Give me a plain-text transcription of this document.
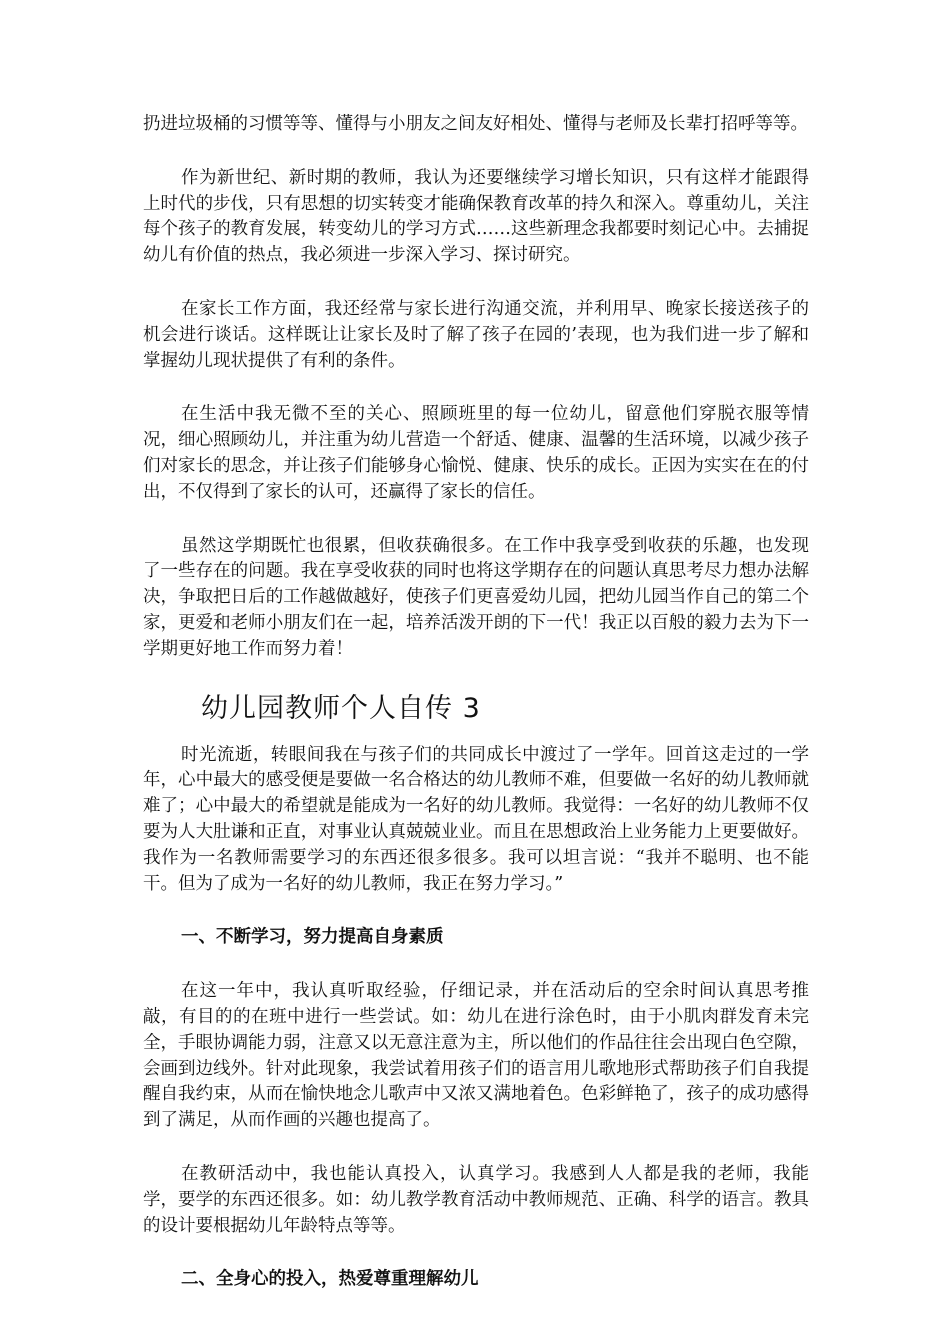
扔进垃圾桶的习惯等等、懂得与小朋友之间友好相处、懂得与老师及长辈打招呼等等。

作为新世纪、新时期的教师，我认为还要继续学习增长知识，只有这样才能跟得上时代的步伐，只有思想的切实转变才能确保教育改革的持久和深入。尊重幼儿，关注每个孩子的教育发展，转变幼儿的学习方式……这些新理念我都要时刻记心中。去捕捉幼儿有价值的热点，我必须进一步深入学习、探讨研究。

在家长工作方面，我还经常与家长进行沟通交流，并利用早、晚家长接送孩子的机会进行谈话。这样既让让家长及时了解了孩子在园的’表现，也为我们进一步了解和掌握幼儿现状提供了有利的条件。

在生活中我无微不至的关心、照顾班里的每一位幼儿，留意他们穿脱衣服等情况，细心照顾幼儿，并注重为幼儿营造一个舒适、健康、温馨的生活环境，以减少孩子们对家长的思念，并让孩子们能够身心愉悦、健康、快乐的成长。正因为实实在在的付出，不仅得到了家长的认可，还赢得了家长的信任。

虽然这学期既忙也很累，但收获确很多。在工作中我享受到收获的乐趣，也发现了一些存在的问题。我在享受收获的同时也将这学期存在的问题认真思考尽力想办法解决，争取把日后的工作越做越好，使孩子们更喜爱幼儿园，把幼儿园当作自己的第二个家，更爱和老师小朋友们在一起，培养活泼开朗的下一代！我正以百般的毅力去为下一学期更好地工作而努力着！

幼儿园教师个人自传 3

时光流逝，转眼间我在与孩子们的共同成长中渡过了一学年。回首这走过的一学年，心中最大的感受便是要做一名合格达的幼儿教师不难，但要做一名好的幼儿教师就难了；心中最大的希望就是能成为一名好的幼儿教师。我觉得：一名好的幼儿教师不仅要为人大肚谦和正直，对事业认真兢兢业业。而且在思想政治上业务能力上更要做好。我作为一名教师需要学习的东西还很多很多。我可以坦言说：“我并不聪明、也不能干。但为了成为一名好的幼儿教师，我正在努力学习。”

一、不断学习，努力提高自身素质

在这一年中，我认真听取经验，仔细记录，并在活动后的空余时间认真思考推敲，有目的的在班中进行一些尝试。如：幼儿在进行涂色时，由于小肌肉群发育未完全，手眼协调能力弱，注意又以无意注意为主，所以他们的作品往往会出现白色空隙，会画到边线外。针对此现象，我尝试着用孩子们的语言用儿歌地形式帮助孩子们自我提醒自我约束，从而在愉快地念儿歌声中又浓又满地着色。色彩鲜艳了，孩子的成功感得到了满足，从而作画的兴趣也提高了。

在教研活动中，我也能认真投入，认真学习。我感到人人都是我的老师，我能学，要学的东西还很多。如：幼儿教学教育活动中教师规范、正确、科学的语言。教具的设计要根据幼儿年龄特点等等。

二、全身心的投入，热爱尊重理解幼儿
